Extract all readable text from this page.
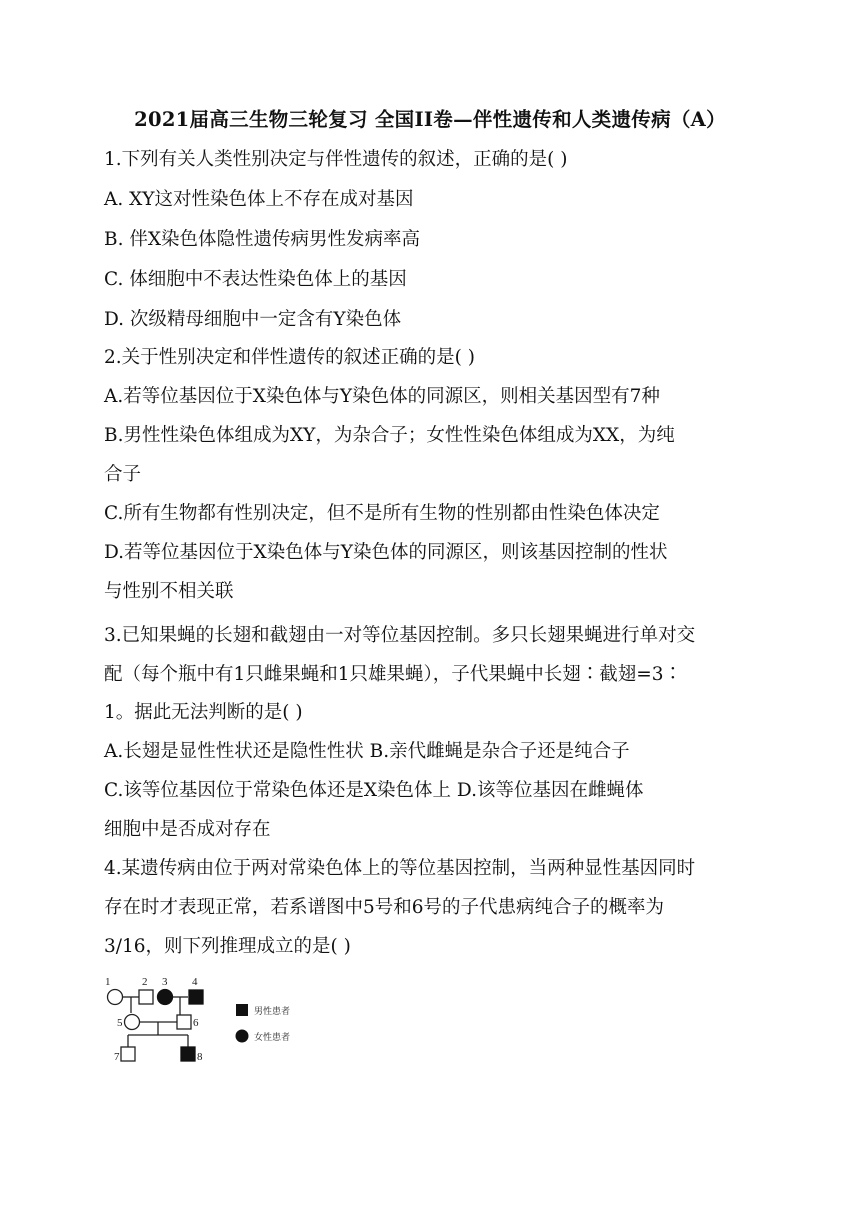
2021届高三生物三轮复习 全国II卷—伴性遗传和人类遗传病（A）
1.下列有关人类性别决定与伴性遗传的叙述，正确的是( )
A. XY这对性染色体上不存在成对基因
B. 伴X染色体隐性遗传病男性发病率高
C. 体细胞中不表达性染色体上的基因
D. 次级精母细胞中一定含有Y染色体
2.关于性别决定和伴性遗传的叙述正确的是( )
A.若等位基因位于X染色体与Y染色体的同源区，则相关基因型有7种
B.男性性染色体组成为XY，为杂合子；女性性染色体组成为XX，为纯
合子
C.所有生物都有性别决定，但不是所有生物的性别都由性染色体决定
D.若等位基因位于X染色体与Y染色体的同源区，则该基因控制的性状
与性别不相关联
3.已知果蝇的长翅和截翅由一对等位基因控制。多只长翅果蝇进行单对交
配（每个瓶中有1只雌果蝇和1只雄果蝇），子代果蝇中长翅∶截翅=3∶
1。据此无法判断的是( )
A.长翅是显性性状还是隐性性状 B.亲代雌蝇是杂合子还是纯合子
C.该等位基因位于常染色体还是X染色体上 D.该等位基因在雌蝇体
细胞中是否成对存在
4.某遗传病由位于两对常染色体上的等位基因控制，当两种显性基因同时
存在时才表现正常，若系谱图中5号和6号的子代患病纯合子的概率为
3/16，则下列推理成立的是( )
1	2 3 4
5	6
7	8
男性患者
女性患者
